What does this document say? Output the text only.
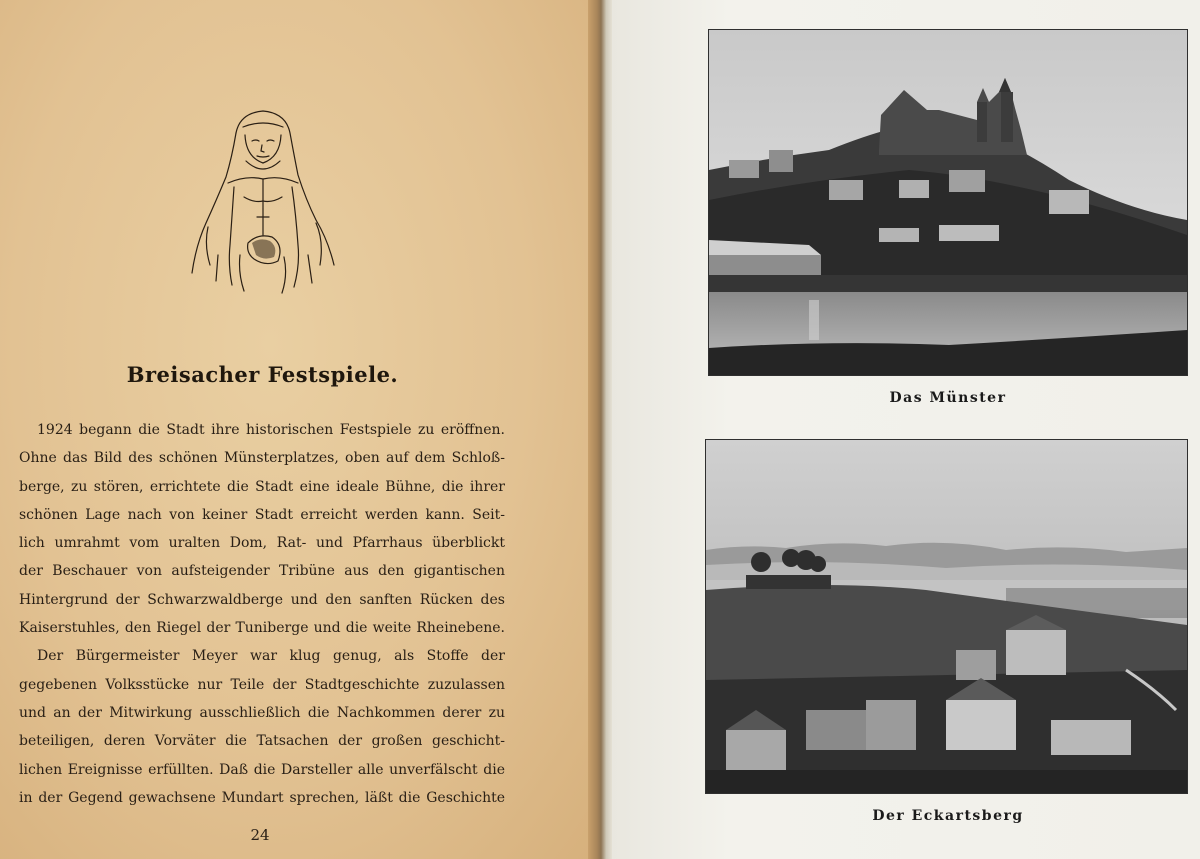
Breisacher Festspiele.
1924 begann die Stadt ihre historischen Festspiele zu eröffnen.
Ohne das Bild des schönen Münsterplatzes, oben auf dem Schloß-
berge, zu stören, errichtete die Stadt eine ideale Bühne, die ihrer
schönen Lage nach von keiner Stadt erreicht werden kann. Seit-
lich umrahmt vom uralten Dom, Rat- und Pfarrhaus überblickt
der Beschauer von aufsteigender Tribüne aus den gigantischen
Hintergrund der Schwarzwaldberge und den sanften Rücken des
Kaiserstuhles, den Riegel der Tuniberge und die weite Rheinebene.
Der Bürgermeister Meyer war klug genug, als Stoffe der
gegebenen Volksstücke nur Teile der Stadtgeschichte zuzulassen
und an der Mitwirkung ausschließlich die Nachkommen derer zu
beteiligen, deren Vorväter die Tatsachen der großen geschicht-
lichen Ereignisse erfüllten. Daß die Darsteller alle unverfälscht die
in der Gegend gewachsene Mundart sprechen, läßt die Geschichte
24
Das Münster
Der Eckartsberg
